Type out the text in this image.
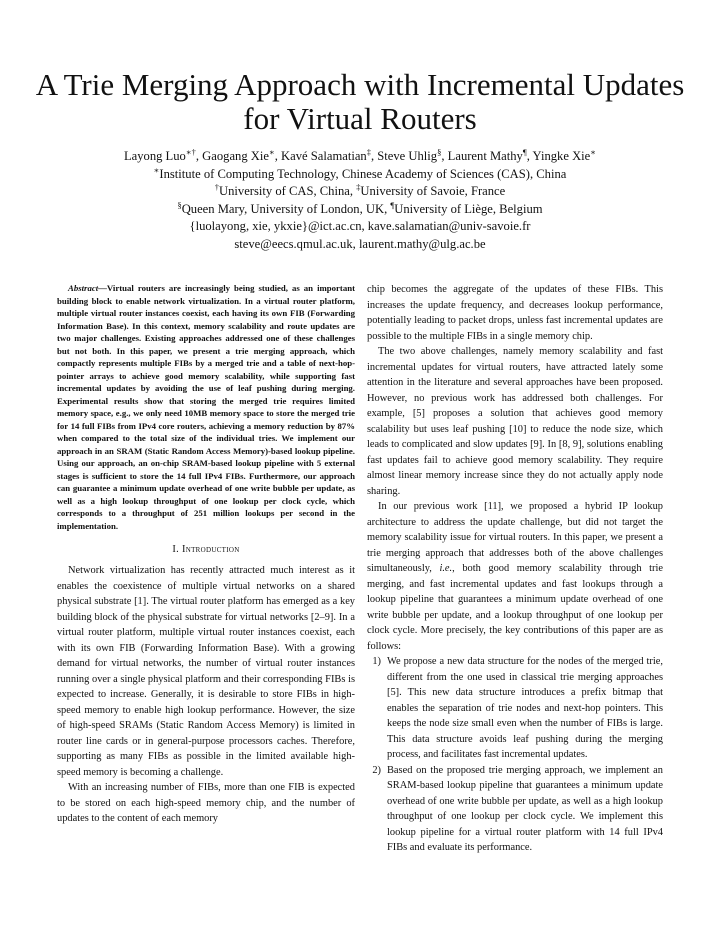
A Trie Merging Approach with Incremental Updates
for Virtual Routers
Layong Luo∗†, Gaogang Xie∗, Kavé Salamatian‡, Steve Uhlig§, Laurent Mathy¶, Yingke Xie∗
∗Institute of Computing Technology, Chinese Academy of Sciences (CAS), China
†University of CAS, China, ‡University of Savoie, France
§Queen Mary, University of London, UK, ¶University of Liège, Belgium
{luolayong, xie, ykxie}@ict.ac.cn, kave.salamatian@univ-savoie.fr
steve@eecs.qmul.ac.uk, laurent.mathy@ulg.ac.be

Abstract—Virtual routers are increasingly being studied, as an important building block to enable network virtualization. In a virtual router platform, multiple virtual router instances coexist, each having its own FIB (Forwarding Information Base). In this context, memory scalability and route updates are two major challenges. Existing approaches addressed one of these challenges but not both. In this paper, we present a trie merging approach, which compactly represents multiple FIBs by a merged trie and a table of next-hop-pointer arrays to achieve good memory scalability, while supporting fast incremental updates by avoiding the use of leaf pushing during merging. Experimental results show that storing the merged trie requires limited memory space, e.g., we only need 10MB memory space to store the merged trie for 14 full FIBs from IPv4 core routers, achieving a memory reduction by 87% when compared to the total size of the individual tries. We implement our approach in an SRAM (Static Random Access Memory)-based lookup pipeline. Using our approach, an on-chip SRAM-based lookup pipeline with 5 external stages is sufficient to store the 14 full IPv4 FIBs. Furthermore, our approach can guarantee a minimum update overhead of one write bubble per update, as well as a high lookup throughput of one lookup per clock cycle, which corresponds to a throughput of 251 million lookups per second in the implementation.

I. Introduction

Network virtualization has recently attracted much interest as it enables the coexistence of multiple virtual networks on a shared physical substrate [1]. The virtual router platform has emerged as a key building block of the physical substrate for virtual networks [2–9]. In a virtual router platform, multiple virtual router instances coexist, each with its own FIB (Forwarding Information Base). With a growing demand for virtual networks, the number of virtual router instances running over a single physical platform and their corresponding FIBs is expected to increase. Generally, it is desirable to store FIBs in high-speed memory to enable high lookup performance. However, the size of high-speed SRAMs (Static Random Access Memory) is limited in router line cards or in general-purpose processors caches. Therefore, supporting as many FIBs as possible in the limited available high-speed memory is becoming a challenge.

With an increasing number of FIBs, more than one FIB is expected to be stored on each high-speed memory chip, and the number of updates to the content of each memory

chip becomes the aggregate of the updates of these FIBs. This increases the update frequency, and decreases lookup performance, potentially leading to packet drops, unless fast incremental updates are possible to the multiple FIBs in a single memory chip.

The two above challenges, namely memory scalability and fast incremental updates for virtual routers, have attracted lately some attention in the literature and several approaches have been proposed. However, no previous work has addressed both challenges. For example, [5] proposes a solution that achieves good memory scalability but uses leaf pushing [10] to reduce the node size, which leads to complicated and slow updates [9]. In [8, 9], solutions enabling fast updates fail to achieve good memory scalability. They require almost linear memory increase since they do not actually apply node sharing.

In our previous work [11], we proposed a hybrid IP lookup architecture to address the update challenge, but did not target the memory scalability issue for virtual routers. In this paper, we present a trie merging approach that addresses both of the above challenges simultaneously, i.e., both good memory scalability through trie merging, and fast incremental updates and fast lookups through a lookup pipeline that guarantees a minimum update overhead of one write bubble per update, and a lookup throughput of one lookup per clock cycle. More precisely, the key contributions of this paper are as follows:

1) We propose a new data structure for the nodes of the merged trie, different from the one used in classical trie merging approaches [5]. This new data structure introduces a prefix bitmap that enables the separation of trie nodes and next-hop pointers. This keeps the node size small even when the number of FIBs is large. This data structure avoids leaf pushing during the merging process, and facilitates fast incremental updates.
2) Based on the proposed trie merging approach, we implement an SRAM-based lookup pipeline that guarantees a minimum update overhead of one write bubble per update, as well as a high lookup throughput of one lookup per clock cycle. We implement this lookup pipeline for a virtual router platform with 14 full IPv4 FIBs and evaluate its performance.
